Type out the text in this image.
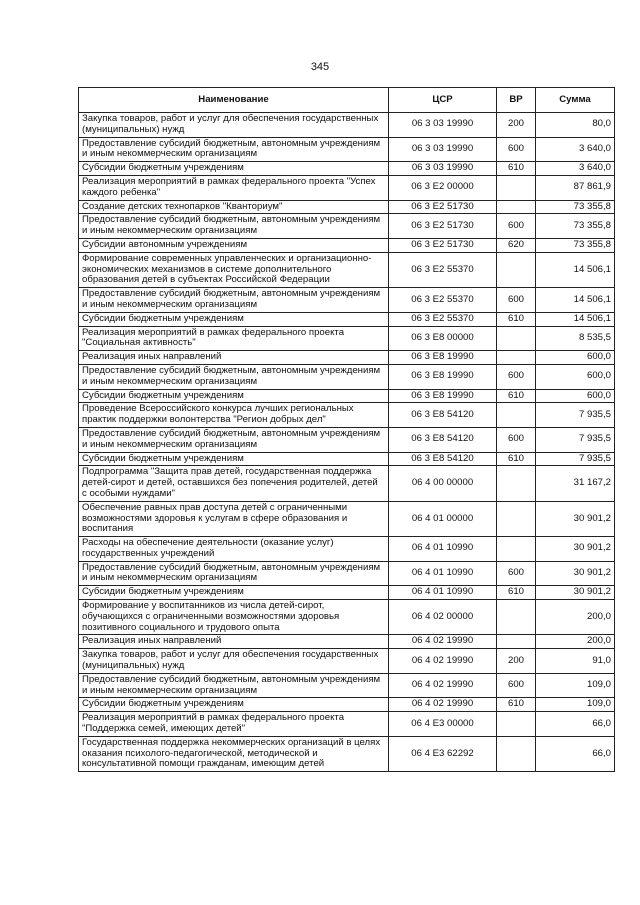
345
Наименование	ЦСР	ВР	Сумма
Закупка товаров, работ и услуг для обеспечения государственных (муниципальных) нужд	06 3 03 19990	200	80,0
Предоставление субсидий бюджетным, автономным учреждениям и иным некоммерческим организациям	06 3 03 19990	600	3 640,0
Субсидии бюджетным учреждениям	06 3 03 19990	610	3 640,0
Реализация мероприятий в рамках федерального проекта "Успех каждого ребенка"	06 3 E2 00000		87 861,9
Создание детских технопарков "Кванториум"	06 3 E2 51730		73 355,8
Предоставление субсидий бюджетным, автономным учреждениям и иным некоммерческим организациям	06 3 E2 51730	600	73 355,8
Субсидии автономным учреждениям	06 3 E2 51730	620	73 355,8
Формирование современных управленческих и организационно-экономических механизмов в системе дополнительного образования детей в субъектах Российской Федерации	06 3 E2 55370		14 506,1
Предоставление субсидий бюджетным, автономным учреждениям и иным некоммерческим организациям	06 3 E2 55370	600	14 506,1
Субсидии бюджетным учреждениям	06 3 E2 55370	610	14 506,1
Реализация мероприятий в рамках федерального проекта "Социальная активность"	06 3 E8 00000		8 535,5
Реализация иных направлений	06 3 E8 19990		600,0
Предоставление субсидий бюджетным, автономным учреждениям и иным некоммерческим организациям	06 3 E8 19990	600	600,0
Субсидии бюджетным учреждениям	06 3 E8 19990	610	600,0
Проведение Всероссийского конкурса лучших региональных практик поддержки волонтерства "Регион добрых дел"	06 3 E8 54120		7 935,5
Предоставление субсидий бюджетным, автономным учреждениям и иным некоммерческим организациям	06 3 E8 54120	600	7 935,5
Субсидии бюджетным учреждениям	06 3 E8 54120	610	7 935,5
Подпрограмма "Защита прав детей, государственная поддержка детей-сирот и детей, оставшихся без попечения родителей, детей с особыми нуждами"	06 4 00 00000		31 167,2
Обеспечение равных прав доступа детей с ограниченными возможностями здоровья к услугам в сфере образования и воспитания	06 4 01 00000		30 901,2
Расходы на обеспечение деятельности (оказание услуг) государственных учреждений	06 4 01 10990		30 901,2
Предоставление субсидий бюджетным, автономным учреждениям и иным некоммерческим организациям	06 4 01 10990	600	30 901,2
Субсидии бюджетным учреждениям	06 4 01 10990	610	30 901,2
Формирование у воспитанников из числа детей-сирот, обучающихся с ограниченными возможностями здоровья позитивного социального и трудового опыта	06 4 02 00000		200,0
Реализация иных направлений	06 4 02 19990		200,0
Закупка товаров, работ и услуг для обеспечения государственных (муниципальных) нужд	06 4 02 19990	200	91,0
Предоставление субсидий бюджетным, автономным учреждениям и иным некоммерческим организациям	06 4 02 19990	600	109,0
Субсидии бюджетным учреждениям	06 4 02 19990	610	109,0
Реализация мероприятий в рамках федерального проекта "Поддержка семей, имеющих детей"	06 4 E3 00000		66,0
Государственная поддержка некоммерческих организаций в целях оказания психолого-педагогической, методической и консультативной помощи гражданам, имеющим детей	06 4 E3 62292		66,0
